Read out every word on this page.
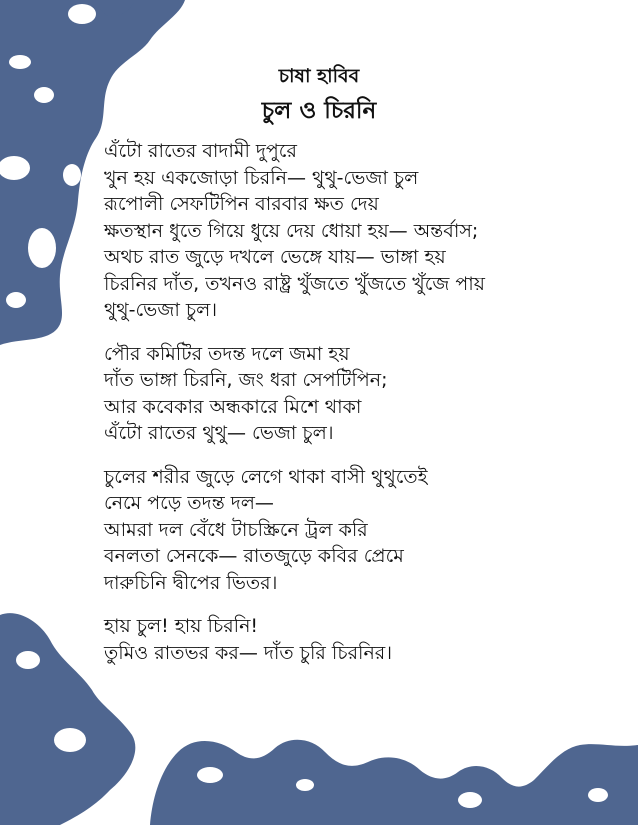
চাষা হাবিব
চুল ও চিরনি
এঁটো রাতের বাদামী দুপুরে
খুন হয় একজোড়া চিরনি— থুথু-ভেজা চুল
রূপোলী সেফটিপিন বারবার ক্ষত দেয়
ক্ষতস্থান ধুতে গিয়ে ধুয়ে দেয় ধোয়া হয়— অন্তর্বাস;
অথচ রাত জুড়ে দখলে ভেঙ্গে যায়— ভাঙ্গা হয়
চিরনির দাঁত, তখনও রাষ্ট্র খুঁজতে খুঁজতে খুঁজে পায়
থুথু-ভেজা চুল।
পৌর কমিটির তদন্ত দলে জমা হয়
দাঁত ভাঙ্গা চিরনি, জং ধরা সেপটিপিন;
আর কবেকার অন্ধকারে মিশে থাকা
এঁটো রাতের থুথু— ভেজা চুল।
চুলের শরীর জুড়ে লেগে থাকা বাসী থুথুতেই
নেমে পড়ে তদন্ত দল—
আমরা দল বেঁধে টাচস্ক্রিনে ট্রল করি
বনলতা সেনকে— রাতজুড়ে কবির প্রেমে
দারুচিনি দ্বীপের ভিতর।
হায় চুল! হায় চিরনি!
তুমিও রাতভর কর— দাঁত চুরি চিরনির।
